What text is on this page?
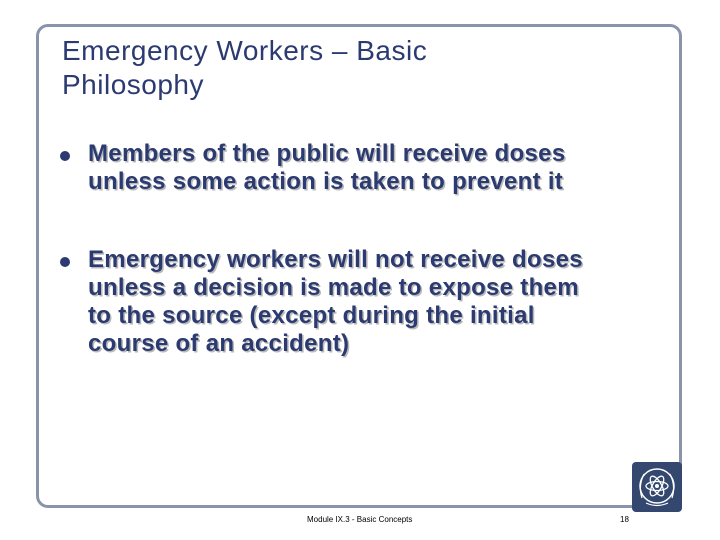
Emergency Workers – Basic
Philosophy
Members of the public will receive doses
unless some action is taken to prevent it
Emergency workers will not receive doses
unless a decision is made to expose them
to the source (except during the initial
course of an accident)
Module IX.3 - Basic Concepts	18
